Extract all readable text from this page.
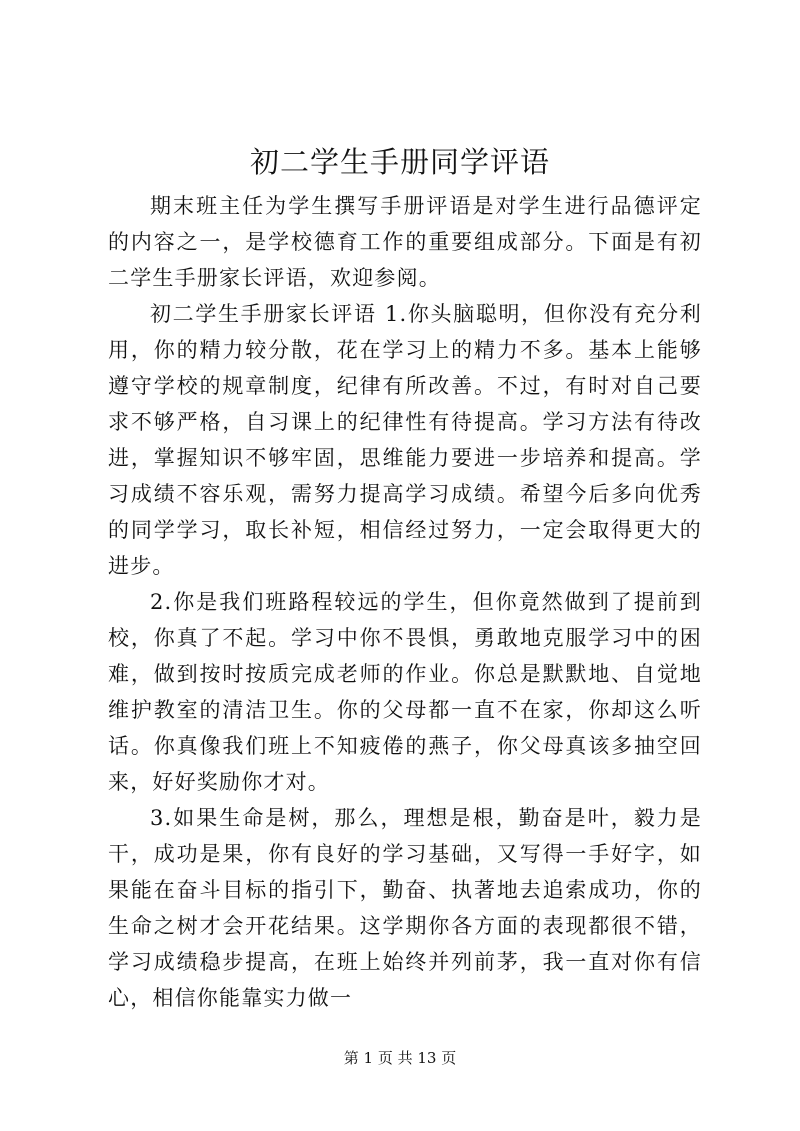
初二学生手册同学评语

期末班主任为学生撰写手册评语是对学生进行品德评定的内容之一，是学校德育工作的重要组成部分。下面是有初二学生手册家长评语，欢迎参阅。

初二学生手册家长评语 1.你头脑聪明，但你没有充分利用，你的精力较分散，花在学习上的精力不多。基本上能够遵守学校的规章制度，纪律有所改善。不过，有时对自己要求不够严格，自习课上的纪律性有待提高。学习方法有待改进，掌握知识不够牢固，思维能力要进一步培养和提高。学习成绩不容乐观，需努力提高学习成绩。希望今后多向优秀的同学学习，取长补短，相信经过努力，一定会取得更大的进步。

2.你是我们班路程较远的学生，但你竟然做到了提前到校，你真了不起。学习中你不畏惧，勇敢地克服学习中的困难，做到按时按质完成老师的作业。你总是默默地、自觉地维护教室的清洁卫生。你的父母都一直不在家，你却这么听话。你真像我们班上不知疲倦的燕子，你父母真该多抽空回来，好好奖励你才对。

3.如果生命是树，那么，理想是根，勤奋是叶，毅力是干，成功是果，你有良好的学习基础，又写得一手好字，如果能在奋斗目标的指引下，勤奋、执著地去追索成功，你的生命之树才会开花结果。这学期你各方面的表现都很不错，学习成绩稳步提高，在班上始终并列前茅，我一直对你有信心，相信你能靠实力做一

第 1 页 共 13 页
